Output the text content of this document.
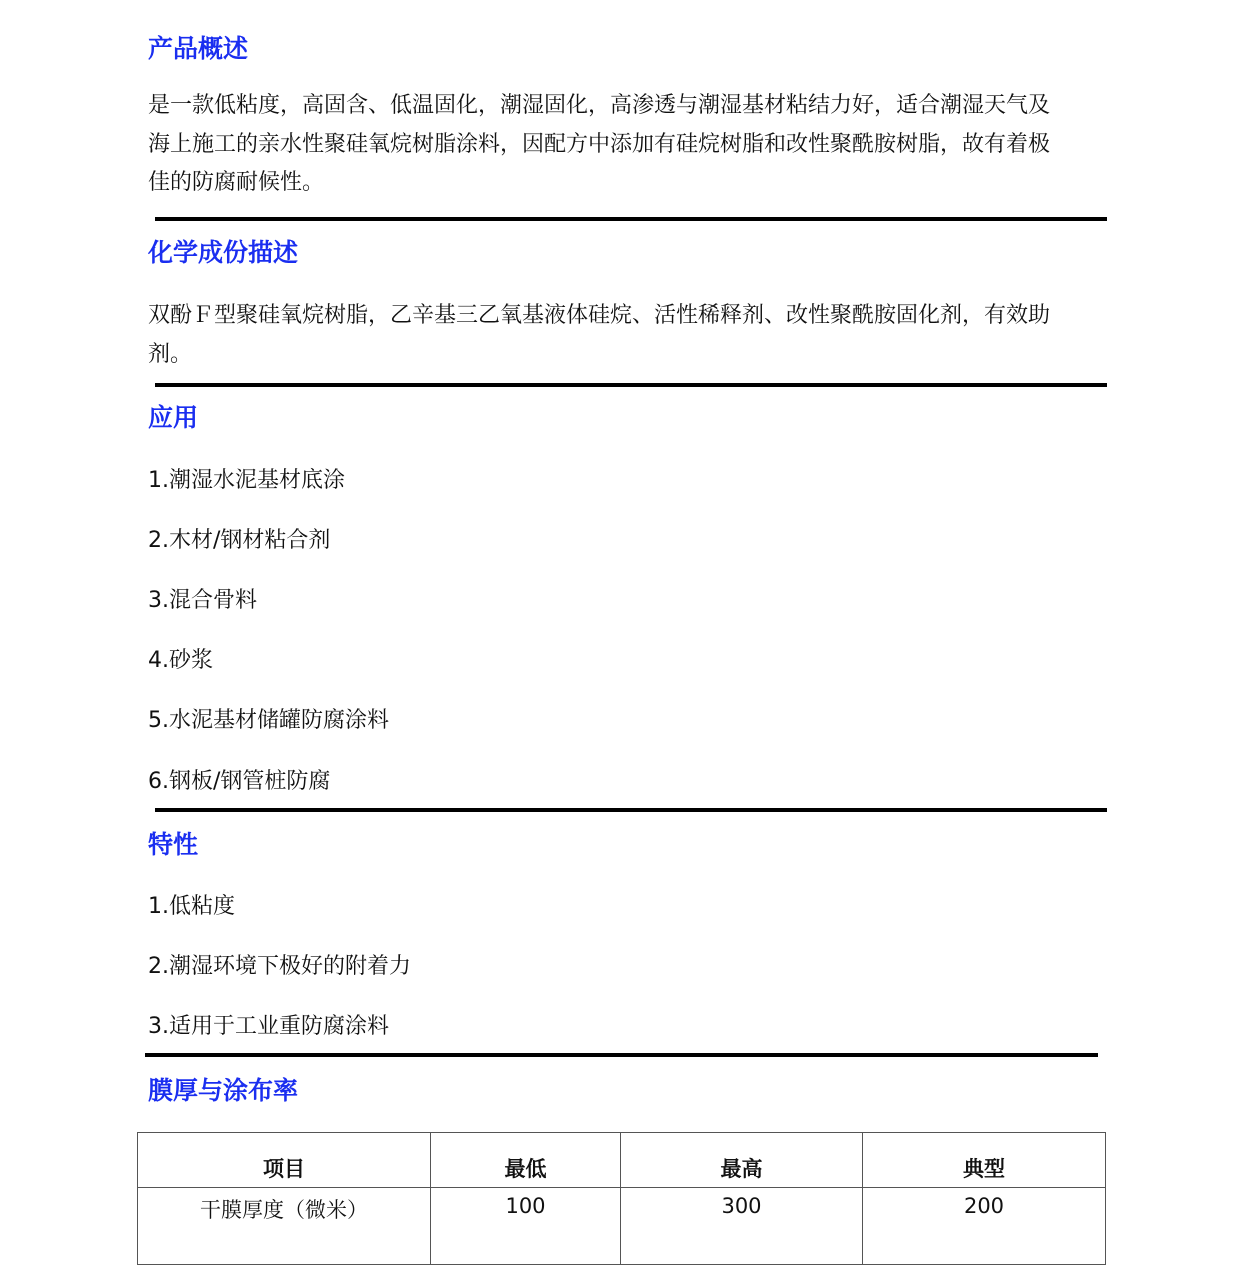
产品概述
是一款低粘度，高固含、低温固化，潮湿固化，高渗透与潮湿基材粘结力好，适合潮湿天气及
海上施工的亲水性聚硅氧烷树脂涂料，因配方中添加有硅烷树脂和改性聚酰胺树脂，故有着极
佳的防腐耐候性。
化学成份描述
双酚Ｆ型聚硅氧烷树脂，乙辛基三乙氧基液体硅烷、活性稀释剂、改性聚酰胺固化剂，有效助
剂。
应用
1.潮湿水泥基材底涂
2.木材/钢材粘合剂
3.混合骨料
4.砂浆
5.水泥基材储罐防腐涂料
6.钢板/钢管桩防腐
特性
1.低粘度
2.潮湿环境下极好的附着力
3.适用于工业重防腐涂料
膜厚与涂布率
项目	最低	最高	典型
干膜厚度（微米）	100	300	200
